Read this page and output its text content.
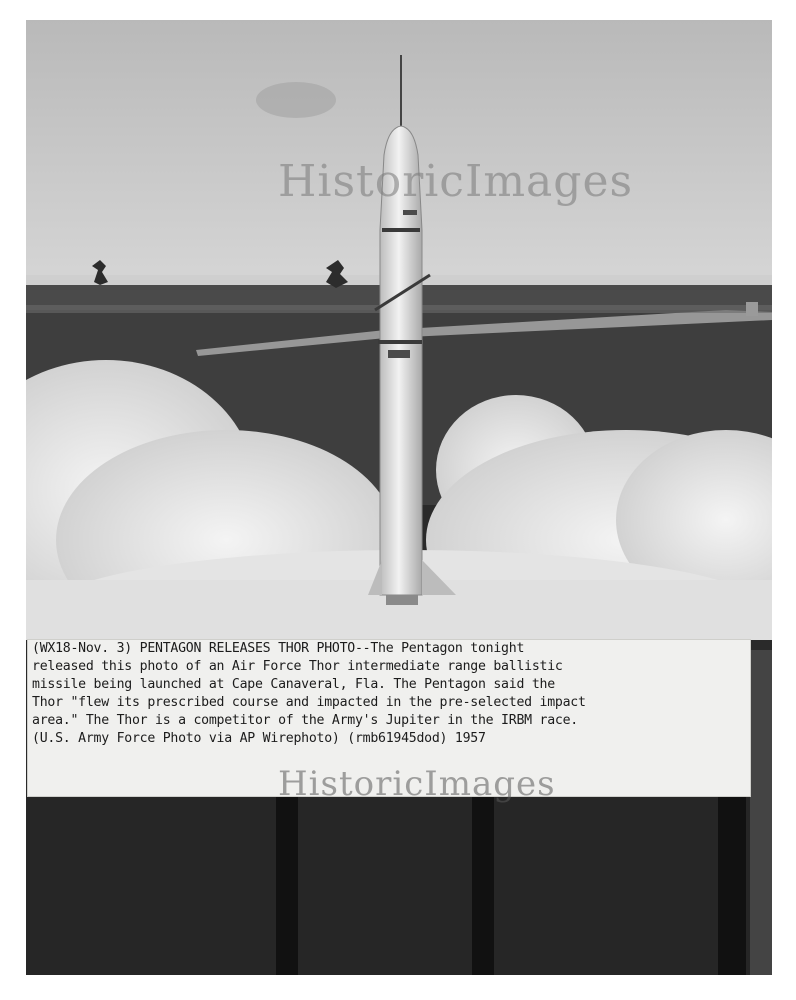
(WX18-Nov. 3) PENTAGON RELEASES THOR PHOTO--The Pentagon tonight
released this photo of an Air Force Thor intermediate range ballistic
missile being launched at Cape Canaveral, Fla. The Pentagon said the
Thor "flew its prescribed course and impacted in the pre-selected impact
area." The Thor is a competitor of the Army's Jupiter in the IRBM race.
(U.S. Army Force Photo via AP Wirephoto) (rmb61945dod) 1957
HistoricImages
HistoricImages
